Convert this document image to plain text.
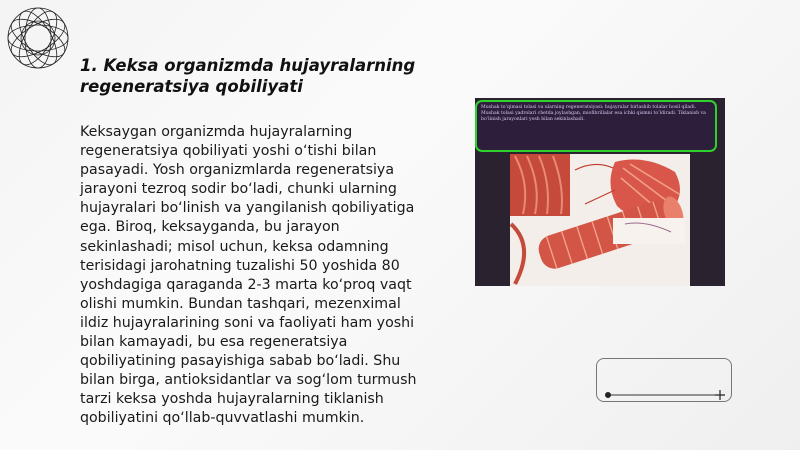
1. Keksa organizmda hujayralarning regeneratsiya qobiliyati

Keksaygan organizmda hujayralarning regeneratsiya qobiliyati yoshi o‘tishi bilan pasayadi. Yosh organizmlarda regeneratsiya jarayoni tezroq sodir bo‘ladi, chunki ularning hujayralari bo‘linish va yangilanish qobiliyatiga ega. Biroq, keksayganda, bu jarayon sekinlashadi; misol uchun, keksa odamning terisidagi jarohatning tuzalishi 50 yoshida 80 yoshdagiga qaraganda 2-3 marta ko‘proq vaqt olishi mumkin. Bundan tashqari, mezenximal ildiz hujayralarining soni va faoliyati ham yoshi bilan kamayadi, bu esa regeneratsiya qobiliyatining pasayishiga sabab bo‘ladi. Shu bilan birga, antioksidantlar va sog‘lom turmush tarzi keksa yoshda hujayralarning tiklanish qobiliyatini qo‘llab-quvvatlashi mumkin.

Mushak to‘qimasi tolasi va ularning regeneratsiyasi: hujayralar birlashib tolalar hosil qiladi. Mushak tolasi yadrolari chetda joylashgan, miofibrillalar esa ichki qismni to‘ldiradi. Tiklanish va bo‘linish jarayonlari yosh bilan sekinlashadi.
